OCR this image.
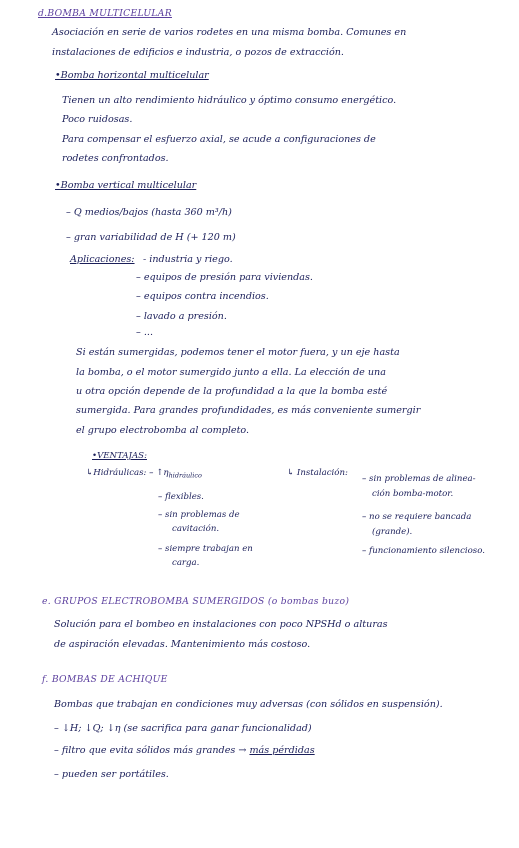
d.BOMBA MULTICELULAR
Asociación en serie de varios rodetes en una misma bomba. Comunes en
instalaciones de edificios e industria, o pozos de extracción.
•Bomba horizontal multicelular
Tienen un alto rendimiento hidráulico y óptimo consumo energético.
Poco ruidosas.
Para compensar el esfuerzo axial, se acude a configuraciones de
rodetes confrontados.
•Bomba vertical multicelular
– Q medios/bajos (hasta 360 m³/h)
– gran variabilidad de H (+ 120 m)
Aplicaciones: - industria y riego.
– equipos de presión para viviendas.
– equipos contra incendios.
– lavado a presión.
– ...
Si están sumergidas, podemos tener el motor fuera, y un eje hasta
la bomba, o el motor sumergido junto a ella. La elección de una
u otra opción depende de la profundidad a la que la bomba esté
sumergida. Para grandes profundidades, es más conveniente sumergir
el grupo electrobomba al completo.
•VENTAJAS:
↳Hidráulicas: – $↑\eta_{hidráulico}$
– flexibles.
– sin problemas de
cavitación.
– siempre trabajan en
carga.
↳ Instalación:
– sin problemas de alinea-
ción bomba-motor.
– no se requiere bancada
(grande).
– funcionamiento silencioso.
e. GRUPOS ELECTROBOMBA SUMERGIDOS (o bombas buzo)
Solución para el bombeo en instalaciones con poco NPSHd o alturas
de aspiración elevadas. Mantenimiento más costoso.
f. BOMBAS DE ACHIQUE
Bombas que trabajan en condiciones muy adversas (con sólidos en suspensión).
– ↓H; ↓Q; ↓η (se sacrifica para ganar funcionalidad)
– filtro que evita sólidos más grandes → más pérdidas
– pueden ser portátiles.
